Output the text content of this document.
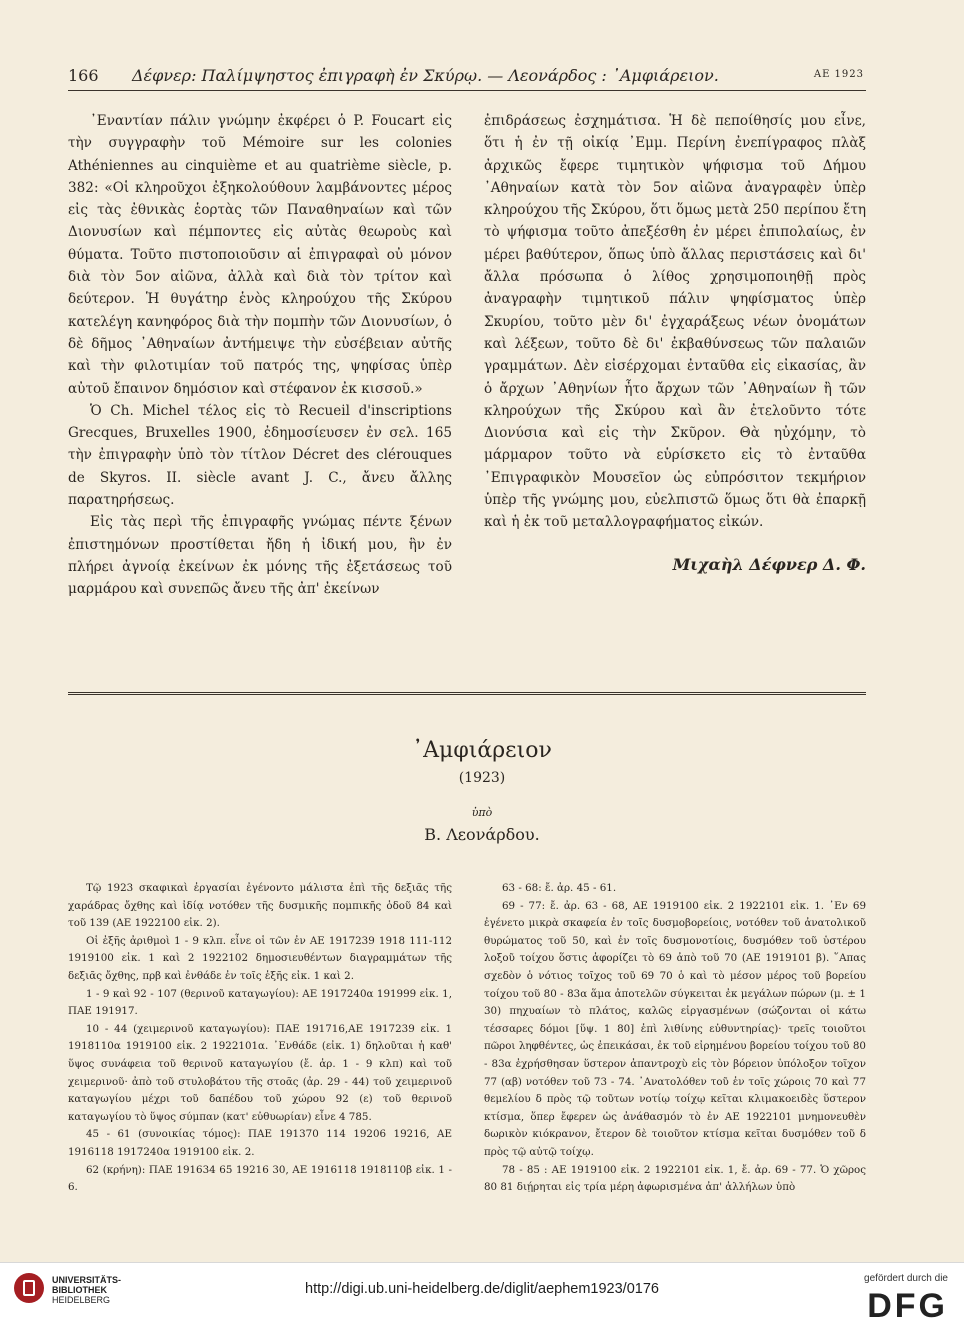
166 Δέφνερ: Παλίμψηστος ἐπιγραφὴ ἐν Σκύρῳ. — Λεονάρδος : ᾿Αμφιάρειον.	ΑΕ 1923

᾿Εναντίαν πάλιν γνώμην ἐκφέρει ὁ P. Foucart εἰς τὴν συγγραφὴν τοῦ Mémoire sur les colonies Athéniennes au cinquième et au quatrième siècle, p. 382: «Οἱ κληροῦχοι ἐξηκολούθουν λαμβάνοντες μέρος εἰς τὰς ἐθνικὰς ἑορτὰς τῶν Παναθηναίων καὶ τῶν Διονυσίων καὶ πέμποντες εἰς αὐτὰς θεωροὺς καὶ θύματα. Τοῦτο πιστοποιοῦσιν αἱ ἐπιγραφαὶ οὐ μόνον διὰ τὸν 5ον αἰῶνα, ἀλλὰ καὶ διὰ τὸν τρίτον καὶ δεύτερον. Ἡ θυγάτηρ ἑνὸς κληρούχου τῆς Σκύρου κατελέγη κανηφόρος διὰ τὴν πομπὴν τῶν Διονυσίων, ὁ δὲ δῆμος ᾿Αθηναίων ἀντήμειψε τὴν εὐσέβειαν αὐτῆς καὶ τὴν φιλοτιμίαν τοῦ πατρός της, ψηφίσας ὑπὲρ αὐτοῦ ἔπαινον δημόσιον καὶ στέφανον ἐκ κισσοῦ.»

Ὁ Ch. Michel τέλος εἰς τὸ Recueil d'inscriptions Grecques, Bruxelles 1900, ἐδημοσίευσεν ἐν σελ. 165 τὴν ἐπιγραφὴν ὑπὸ τὸν τίτλον Décret des clérouques de Skyros. II. siècle avant J. C., ἄνευ ἄλλης παρατηρήσεως.

Εἰς τὰς περὶ τῆς ἐπιγραφῆς γνώμας πέντε ξένων ἐπιστημόνων προστίθεται ἤδη ἡ ἰδική μου, ἣν ἐν πλήρει ἀγνοίᾳ ἐκείνων ἐκ μόνης τῆς ἐξετάσεως τοῦ μαρμάρου καὶ συνεπῶς ἄνευ τῆς ἀπ' ἐκείνων

ἐπιδράσεως ἐσχημάτισα. Ἡ δὲ πεποίθησίς μου εἶνε, ὅτι ἡ ἐν τῇ οἰκίᾳ ᾿Εμμ. Περίνη ἐνεπίγραφος πλὰξ ἀρχικῶς ἔφερε τιμητικὸν ψήφισμα τοῦ Δήμου ᾿Αθηναίων κατὰ τὸν 5ον αἰῶνα ἀναγραφὲν ὑπὲρ κληρούχου τῆς Σκύρου, ὅτι ὅμως μετὰ 250 περίπου ἔτη τὸ ψήφισμα τοῦτο ἀπεξέσθη ἐν μέρει ἐπιπολαίως, ἐν μέρει βαθύτερον, ὅπως ὑπὸ ἄλλας περιστάσεις καὶ δι' ἄλλα πρόσωπα ὁ λίθος χρησιμοποιηθῇ πρὸς ἀναγραφὴν τιμητικοῦ πάλιν ψηφίσματος ὑπὲρ Σκυρίου, τοῦτο μὲν δι' ἐγχαράξεως νέων ὀνομάτων καὶ λέξεων, τοῦτο δὲ δι' ἐκβαθύνσεως τῶν παλαιῶν γραμμάτων. Δὲν εἰσέρχομαι ἐνταῦθα εἰς εἰκασίας, ἂν ὁ ἄρχων ᾿Αθηνίων ἦτο ἄρχων τῶν ᾿Αθηναίων ἢ τῶν κληρούχων τῆς Σκύρου καὶ ἂν ἐτελοῦντο τότε Διονύσια καὶ εἰς τὴν Σκῦρον. Θὰ ηὐχόμην, τὸ μάρμαρον τοῦτο νὰ εὑρίσκετο εἰς τὸ ἐνταῦθα ᾿Επιγραφικὸν Μουσεῖον ὡς εὐπρόσιτον τεκμήριον ὑπὲρ τῆς γνώμης μου, εὐελπιστῶ ὅμως ὅτι θὰ ἐπαρκῇ καὶ ἡ ἐκ τοῦ μεταλλογραφήματος εἰκών.

Μιχαὴλ Δέφνερ Δ. Φ.
᾿Αμφιάρειον
(1923)
ὑπὸ
Β. Λεονάρδου.

Τῷ 1923 σκαφικαὶ ἐργασίαι ἐγένοντο μάλιστα ἐπὶ τῆς δεξιᾶς τῆς χαράδρας ὄχθης καὶ ἰδίᾳ νοτόθεν τῆς δυσμικῆς πομπικῆς ὁδοῦ 84 καὶ τοῦ 139 (ΑΕ 1922100 εἰκ. 2).

Οἱ ἐξῆς ἀριθμοὶ 1 - 9 κλπ. εἶνε οἱ τῶν ἐν ΑΕ 1917239 1918 111-112 1919100 εἰκ. 1 καὶ 2 1922102 δημοσιευθέντων διαγραμμάτων τῆς δεξιᾶς ὄχθης, πρβ καὶ ἐνθάδε ἐν τοῖς ἑξῆς εἰκ. 1 καὶ 2.

1 - 9 καὶ 92 - 107 (θερινοῦ καταγωγίου): ΑΕ 1917240α 191999 εἰκ. 1, ΠΑΕ 191917.

10 - 44 (χειμερινοῦ καταγωγίου): ΠΑΕ 191716,ΑΕ 1917239 εἰκ. 1 1918110α 1919100 εἰκ. 2 1922101α. ᾿Ενθάδε (εἰκ. 1) δηλοῦται ἡ καθ' ὕψος συνάφεια τοῦ θερινοῦ καταγωγίου (ἔ. ἀρ. 1 - 9 κλπ) καὶ τοῦ χειμερινοῦ· ἀπὸ τοῦ στυλοβάτου τῆς στοᾶς (ἀρ. 29 - 44) τοῦ χειμερινοῦ καταγωγίου μέχρι τοῦ δαπέδου τοῦ χώρου 92 (ε) τοῦ θερινοῦ καταγωγίου τὸ ὕψος σύμπαν (κατ' εὐθυωρίαν) εἶνε 4 785.

45 - 61 (συνοικίας τόμος): ΠΑΕ 191370 114 19206 19216, ΑΕ 1916118 1917240α 1919100 εἰκ. 2.

62 (κρήνη): ΠΑΕ 191634 65 19216 30, ΑΕ 1916118 1918110β εἰκ. 1 - 6.

63 - 68: ἔ. ἀρ. 45 - 61.

69 - 77: ἔ. ἀρ. 63 - 68, ΑΕ 1919100 εἰκ. 2 1922101 εἰκ. 1. ᾿Εν 69 ἐγένετο μικρὰ σκαφεία ἐν τοῖς δυσμοβορείοις, νοτόθεν τοῦ ἀνατολικοῦ θυρώματος τοῦ 50, καὶ ἐν τοῖς δυσμονοτίοις, δυσμόθεν τοῦ ὑστέρου λοξοῦ τοίχου ὅστις ἀφορίζει τὸ 69 ἀπὸ τοῦ 70 (ΑΕ 1919101 β). ῞Απας σχεδὸν ὁ νότιος τοῖχος τοῦ 69 70 ὁ καὶ τὸ μέσον μέρος τοῦ βορείου τοίχου τοῦ 80 - 83α ἅμα ἀποτελῶν σύγκειται ἐκ μεγάλων πώρων (μ. ± 1 30) πηχυαίων τὸ πλάτος, καλῶς εἰργασμένων (σώζονται οἱ κάτω τέσσαρες δόμοι [ὕψ. 1 80] ἐπὶ λιθίνης εὐθυντηρίας)· τρεῖς τοιοῦτοι πῶροι ληφθέντες, ὡς ἐπεικάσαι, ἐκ τοῦ εἰρημένου βορείου τοίχου τοῦ 80 - 83α ἐχρήσθησαν ὕστερον ἀπαντροχὺ εἰς τὸν βόρειον ὑπόλοξον τοῖχον 77 (αβ) νοτόθεν τοῦ 73 - 74. ᾿Ανατολόθεν τοῦ ἐν τοῖς χώροις 70 καὶ 77 θεμελίου δ πρὸς τῷ τοῦτων νοτίῳ τοίχῳ κεῖται κλιμακοειδὲς ὕστερον κτίσμα, ὅπερ ἔφερεν ὡς ἀνάθασμόν τὸ ἐν ΑΕ 1922101 μνημονευθὲν δωρικὸν κιόκρανον, ἔτερον δὲ τοιοῦτον κτίσμα κεῖται δυσμόθεν τοῦ δ πρὸς τῷ αὐτῷ τοίχῳ.

78 - 85 : ΑΕ 1919100 εἰκ. 2 1922101 εἰκ. 1, ἔ. ἀρ. 69 - 77. Ὁ χῶρος 80 81 διῄρηται εἰς τρία μέρη ἀφωρισμένα ἀπ' ἀλλήλων ὑπὸ

UNIVERSITÄTS-
BIBLIOTHEK
HEIDELBERG
http://digi.ub.uni-heidelberg.de/diglit/aephem1923/0176
gefördert durch die
DFG
